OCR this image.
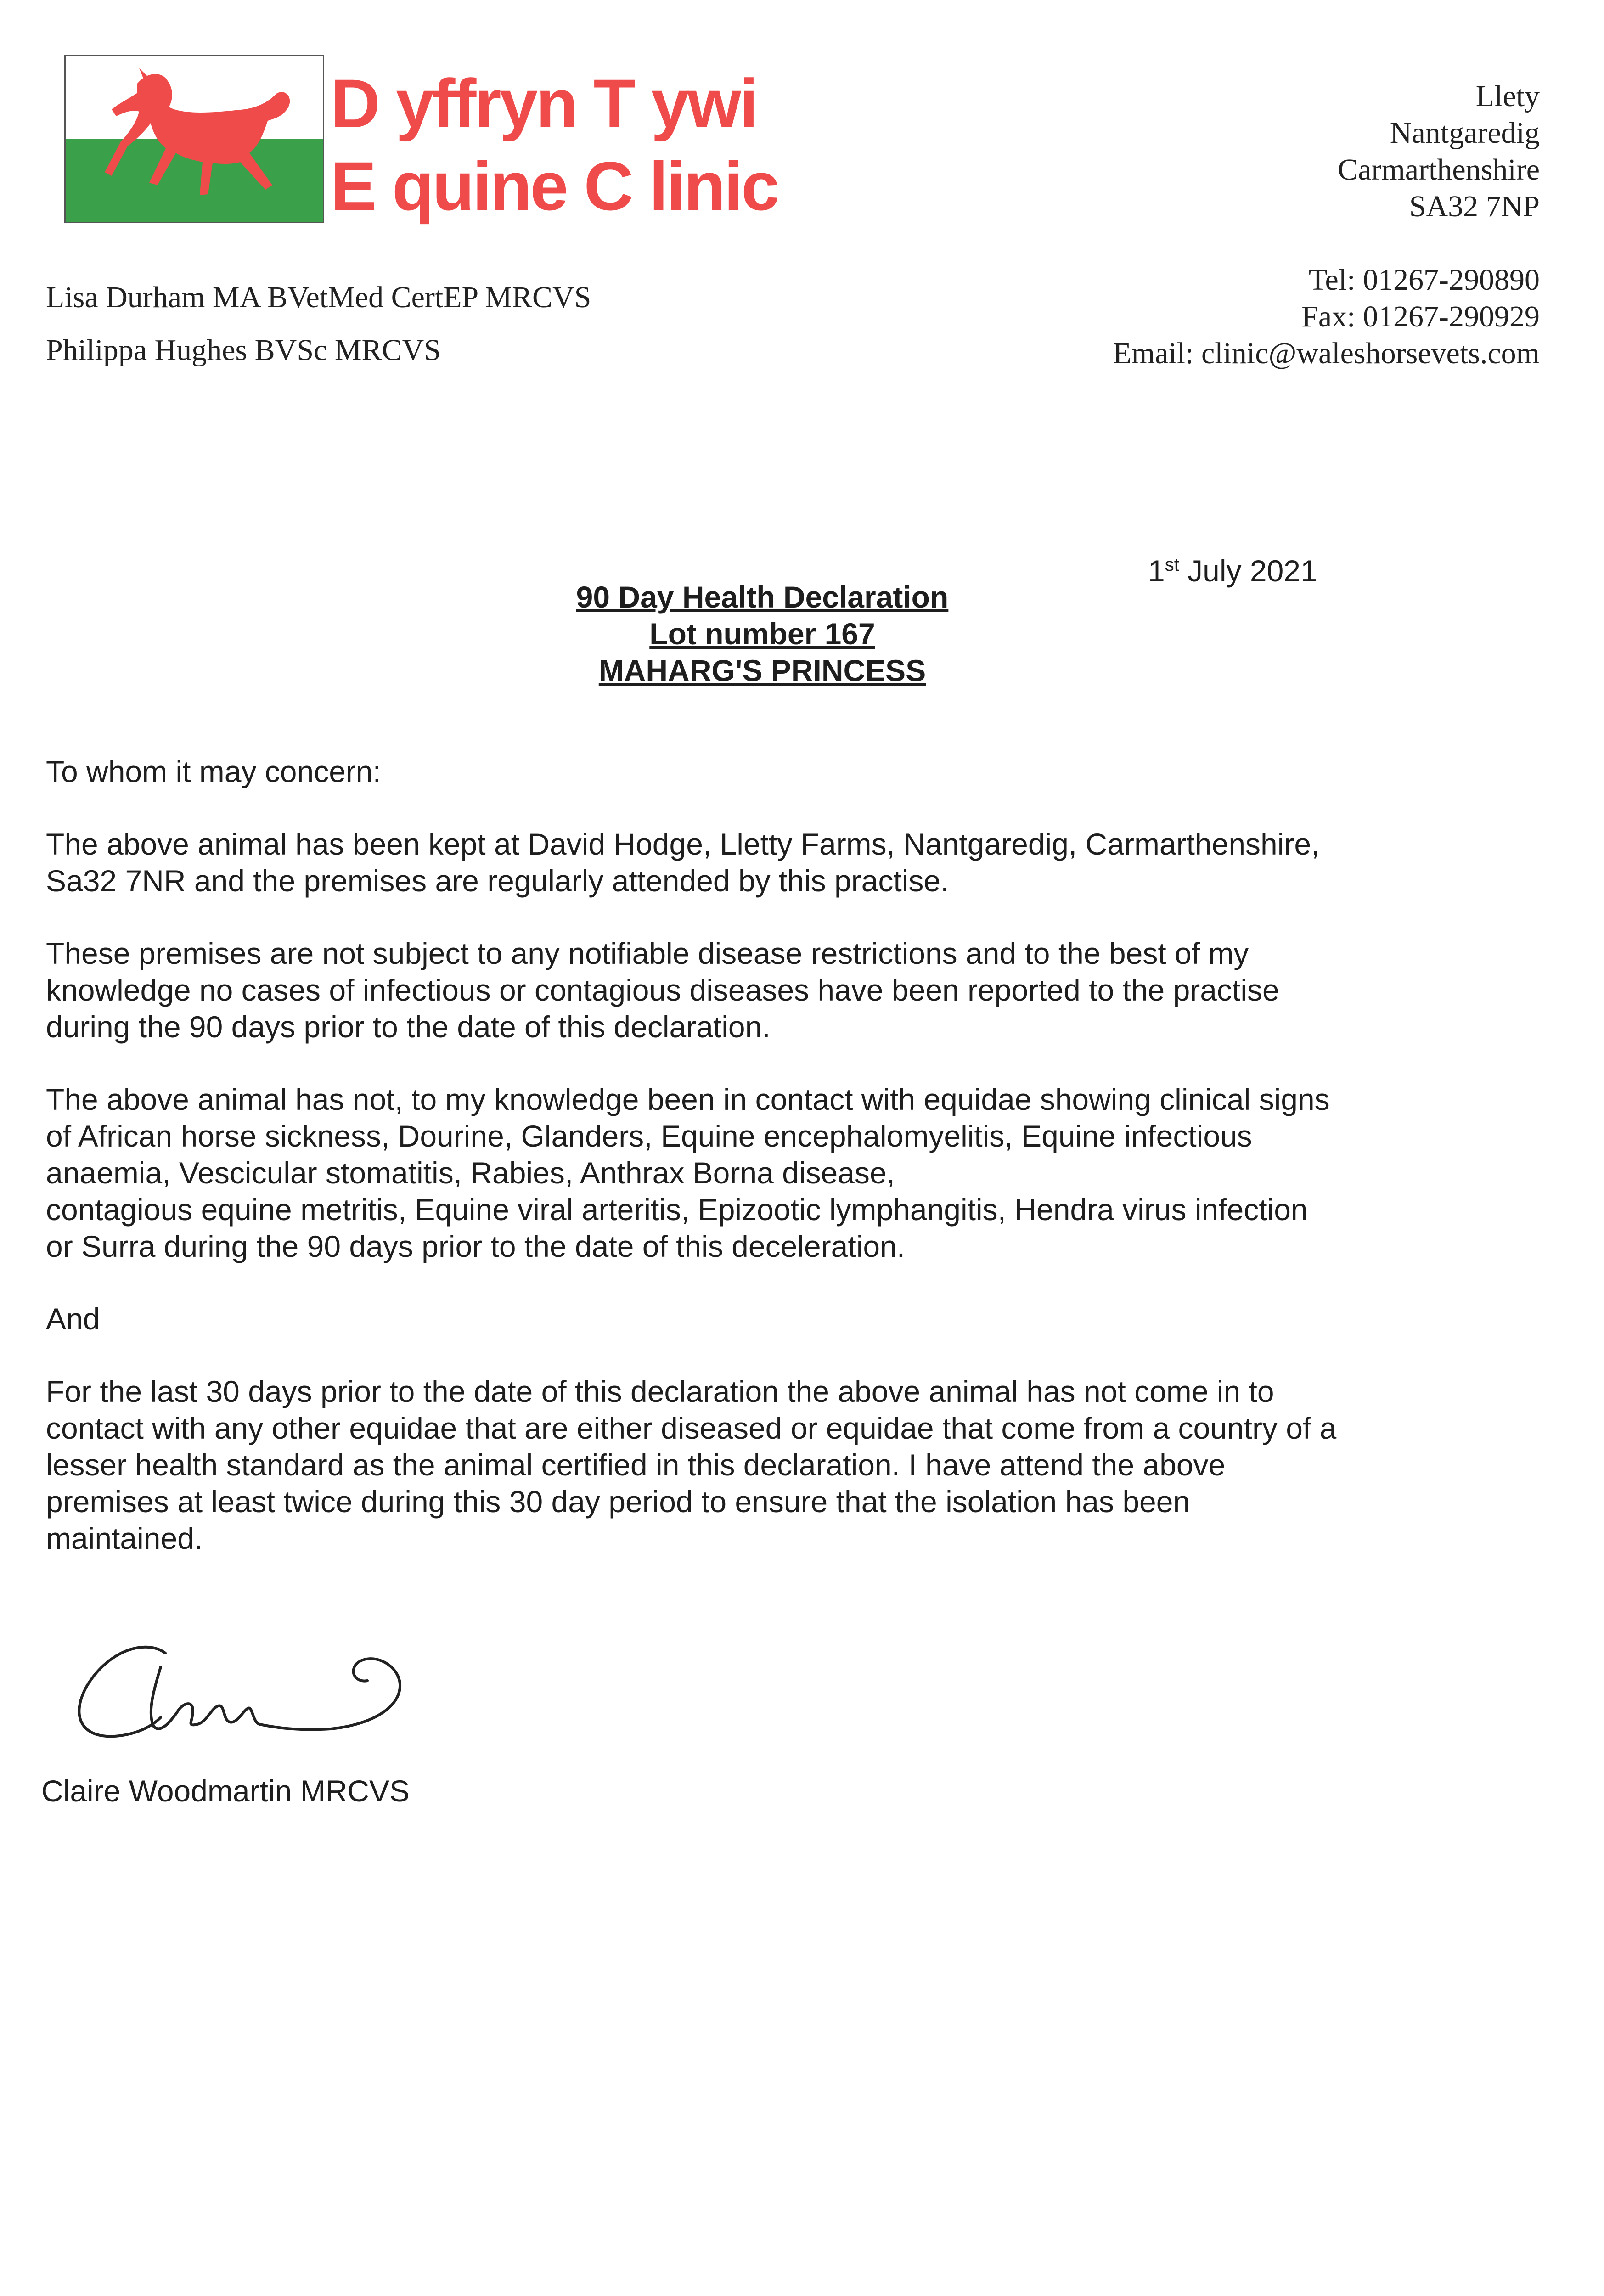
D yffryn T ywi
E quine C linic
Llety
Nantgaredig
Carmarthenshire
SA32 7NP
Tel: 01267-290890
Fax: 01267-290929
Email: clinic@waleshorsevets.com
Lisa Durham MA BVetMed CertEP MRCVS
Philippa Hughes BVSc MRCVS
1st July 2021
90 Day Health Declaration
Lot number 167
MAHARG'S PRINCESS

To whom it may concern:

The above animal has been kept at David Hodge, Lletty Farms, Nantgaredig, Carmarthenshire,
Sa32 7NR and the premises are regularly attended by this practise.

These premises are not subject to any notifiable disease restrictions and to the best of my
knowledge no cases of infectious or contagious diseases have been reported to the practise
during the 90 days prior to the date of this declaration.

The above animal has not, to my knowledge been in contact with equidae showing clinical signs
of African horse sickness, Dourine, Glanders, Equine encephalomyelitis, Equine infectious
anaemia, Vescicular stomatitis, Rabies, Anthrax Borna disease,
contagious equine metritis, Equine viral arteritis, Epizootic lymphangitis, Hendra virus infection
or Surra during the 90 days prior to the date of this deceleration.

And

For the last 30 days prior to the date of this declaration the above animal has not come in to
contact with any other equidae that are either diseased or equidae that come from a country of a
lesser health standard as the animal certified in this declaration. I have attend the above
premises at least twice during this 30 day period to ensure that the isolation has been
maintained.

Claire Woodmartin MRCVS
